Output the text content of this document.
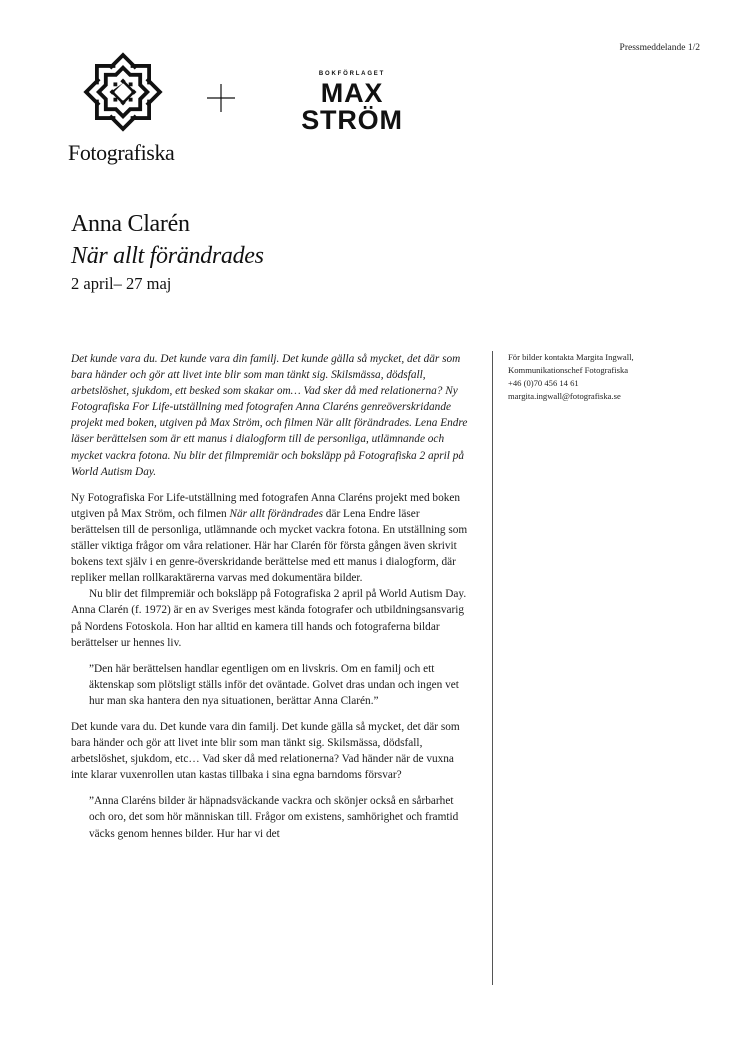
Pressmeddelande 1/2
Fotografiska
BOKFÖRLAGET
MAX STRÖM
Anna Clarén
När allt förändrades
2 april– 27 maj

Det kunde vara du. Det kunde vara din familj. Det kunde gälla så mycket, det där som bara händer och gör att livet inte blir som man tänkt sig. Skilsmässa, dödsfall, arbetslöshet, sjukdom, ett besked som skakar om… Vad sker då med relationerna? Ny Fotografiska For Life-utställning med fotografen Anna Claréns genreöverskridande projekt med boken, utgiven på Max Ström, och filmen När allt förändrades. Lena Endre läser berättelsen som är ett manus i dialogform till de personliga, utlämnande och mycket vackra fotona. Nu blir det filmpremiär och boksläpp på Fotografiska 2 april på World Autism Day.

Ny Fotografiska For Life-utställning med fotografen Anna Claréns projekt med boken utgiven på Max Ström, och filmen När allt förändrades där Lena Endre läser berättelsen till de personliga, utlämnande och mycket vackra fotona. En utställning som ställer viktiga frågor om våra relationer. Här har Clarén för första gången även skrivit bokens text själv i en genre-överskridande berättelse med ett manus i dialogform, där repliker mellan rollkaraktärerna varvas med dokumentära bilder.

Nu blir det filmpremiär och boksläpp på Fotografiska 2 april på World Autism Day. Anna Clarén (f. 1972) är en av Sveriges mest kända fotografer och utbildningsansvarig på Nordens Fotoskola. Hon har alltid en kamera till hands och fotograferna bildar berättelser ur hennes liv.

”Den här berättelsen handlar egentligen om en livskris. Om en familj och ett äktenskap som plötsligt ställs inför det oväntade. Golvet dras undan och ingen vet hur man ska hantera den nya situationen, berättar Anna Clarén.”

Det kunde vara du. Det kunde vara din familj. Det kunde gälla så mycket, det där som bara händer och gör att livet inte blir som man tänkt sig. Skilsmässa, dödsfall, arbetslöshet, sjukdom, etc… Vad sker då med relationerna? Vad händer när de vuxna inte klarar vuxenrollen utan kastas tillbaka i sina egna barndoms försvar?

”Anna Claréns bilder är häpnadsväckande vackra och skönjer också en sårbarhet och oro, det som hör människan till. Frågor om existens, samhörighet och framtid väcks genom hennes bilder. Hur har vi det

För bilder kontakta Margita Ingwall,
Kommunikationschef Fotografiska
+46 (0)70 456 14 61
margita.ingwall@fotografiska.se
